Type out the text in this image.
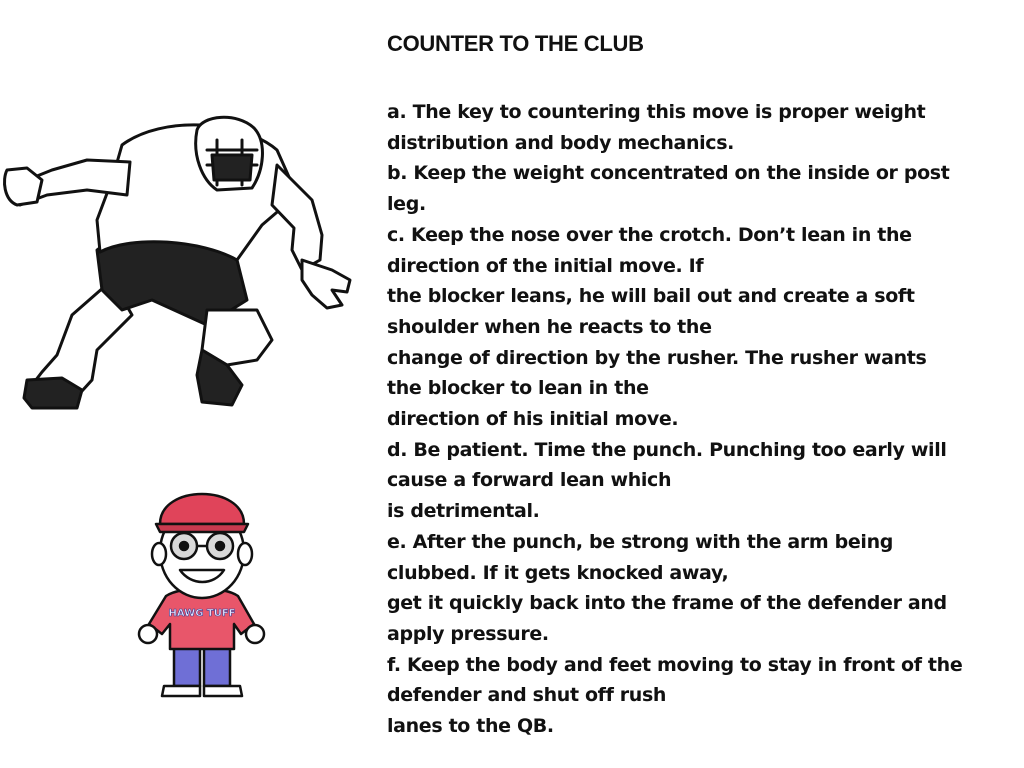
HAWG TUFF
COUNTER TO THE CLUB
a. The key to countering this move is proper weight
distribution and body mechanics.
b. Keep the weight concentrated on the inside or post
leg.
c. Keep the nose over the crotch. Don’t lean in the
direction of the initial move. If
the blocker leans, he will bail out and create a soft
shoulder when he reacts to the
change of direction by the rusher. The rusher wants
the blocker to lean in the
direction of his initial move.
d. Be patient. Time the punch. Punching too early will
cause a forward lean which
is detrimental.
e. After the punch, be strong with the arm being
clubbed. If it gets knocked away,
get it quickly back into the frame of the defender and
apply pressure.
f. Keep the body and feet moving to stay in front of the
defender and shut off rush
lanes to the QB.
